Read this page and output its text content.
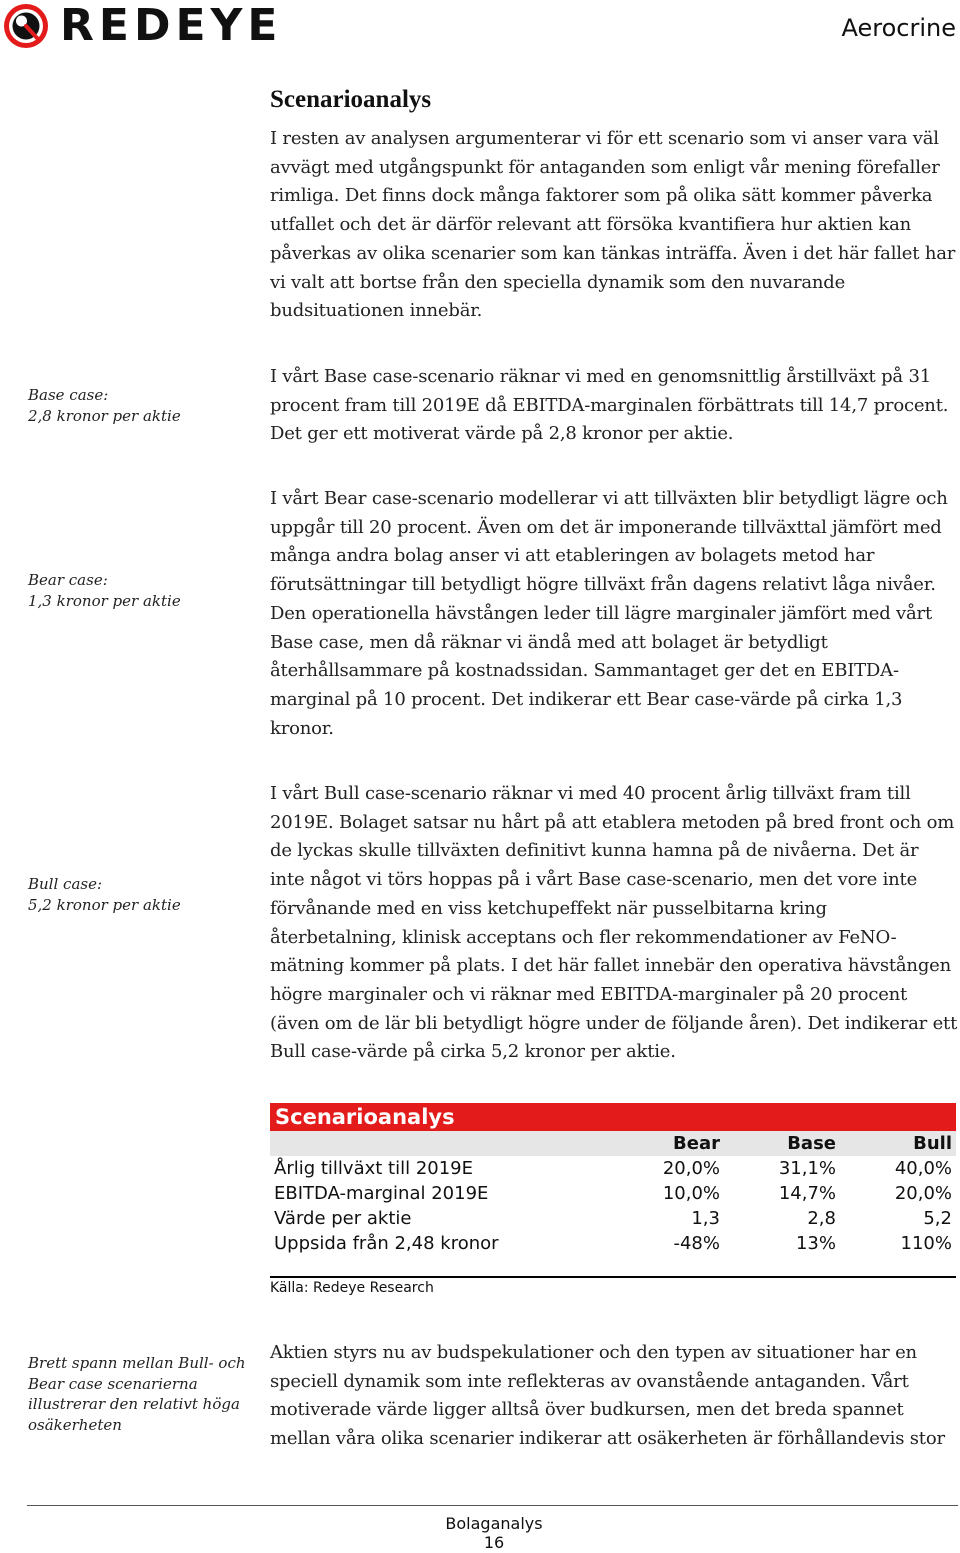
REDEYE	Aerocrine
Scenarioanalys

I resten av analysen argumenterar vi för ett scenario som vi anser vara väl avvägt med utgångspunkt för antaganden som enligt vår mening förefaller rimliga. Det finns dock många faktorer som på olika sätt kommer påverka utfallet och det är därför relevant att försöka kvantifiera hur aktien kan påverkas av olika scenarier som kan tänkas inträffa. Även i det här fallet har vi valt att bortse från den speciella dynamik som den nuvarande budsituationen innebär.

Base case:
2,8 kronor per aktie

I vårt Base case-scenario räknar vi med en genomsnittlig årstillväxt på 31 procent fram till 2019E då EBITDA-marginalen förbättrats till 14,7 procent. Det ger ett motiverat värde på 2,8 kronor per aktie.

Bear case:
1,3 kronor per aktie

I vårt Bear case-scenario modellerar vi att tillväxten blir betydligt lägre och uppgår till 20 procent. Även om det är imponerande tillväxttal jämfört med många andra bolag anser vi att etableringen av bolagets metod har förutsättningar till betydligt högre tillväxt från dagens relativt låga nivåer. Den operationella hävstången leder till lägre marginaler jämfört med vårt Base case, men då räknar vi ändå med att bolaget är betydligt återhållsammare på kostnadssidan. Sammantaget ger det en EBITDA-marginal på 10 procent. Det indikerar ett Bear case-värde på cirka 1,3 kronor.

Bull case:
5,2 kronor per aktie

I vårt Bull case-scenario räknar vi med 40 procent årlig tillväxt fram till 2019E. Bolaget satsar nu hårt på att etablera metoden på bred front och om de lyckas skulle tillväxten definitivt kunna hamna på de nivåerna. Det är inte något vi törs hoppas på i vårt Base case-scenario, men det vore inte förvånande med en viss ketchupeffekt när pusselbitarna kring återbetalning, klinisk acceptans och fler rekommendationer av FeNO-mätning kommer på plats. I det här fallet innebär den operativa hävstången högre marginaler och vi räknar med EBITDA-marginaler på 20 procent (även om de lär bli betydligt högre under de följande åren). Det indikerar ett Bull case-värde på cirka 5,2 kronor per aktie.

Scenarioanalys
	Bear	Base	Bull
Årlig tillväxt till 2019E	20,0%	31,1%	40,0%
EBITDA-marginal 2019E	10,0%	14,7%	20,0%
Värde per aktie	1,3	2,8	5,2
Uppsida från 2,48 kronor	-48%	13%	110%
Källa: Redeye Research
Brett spann mellan Bull- och Bear case scenarierna illustrerar den relativt höga osäkerheten

Aktien styrs nu av budspekulationer och den typen av situationer har en speciell dynamik som inte reflekteras av ovanstående antaganden. Vårt motiverade värde ligger alltså över budkursen, men det breda spannet mellan våra olika scenarier indikerar att osäkerheten är förhållandevis stor

Bolaganalys
16
